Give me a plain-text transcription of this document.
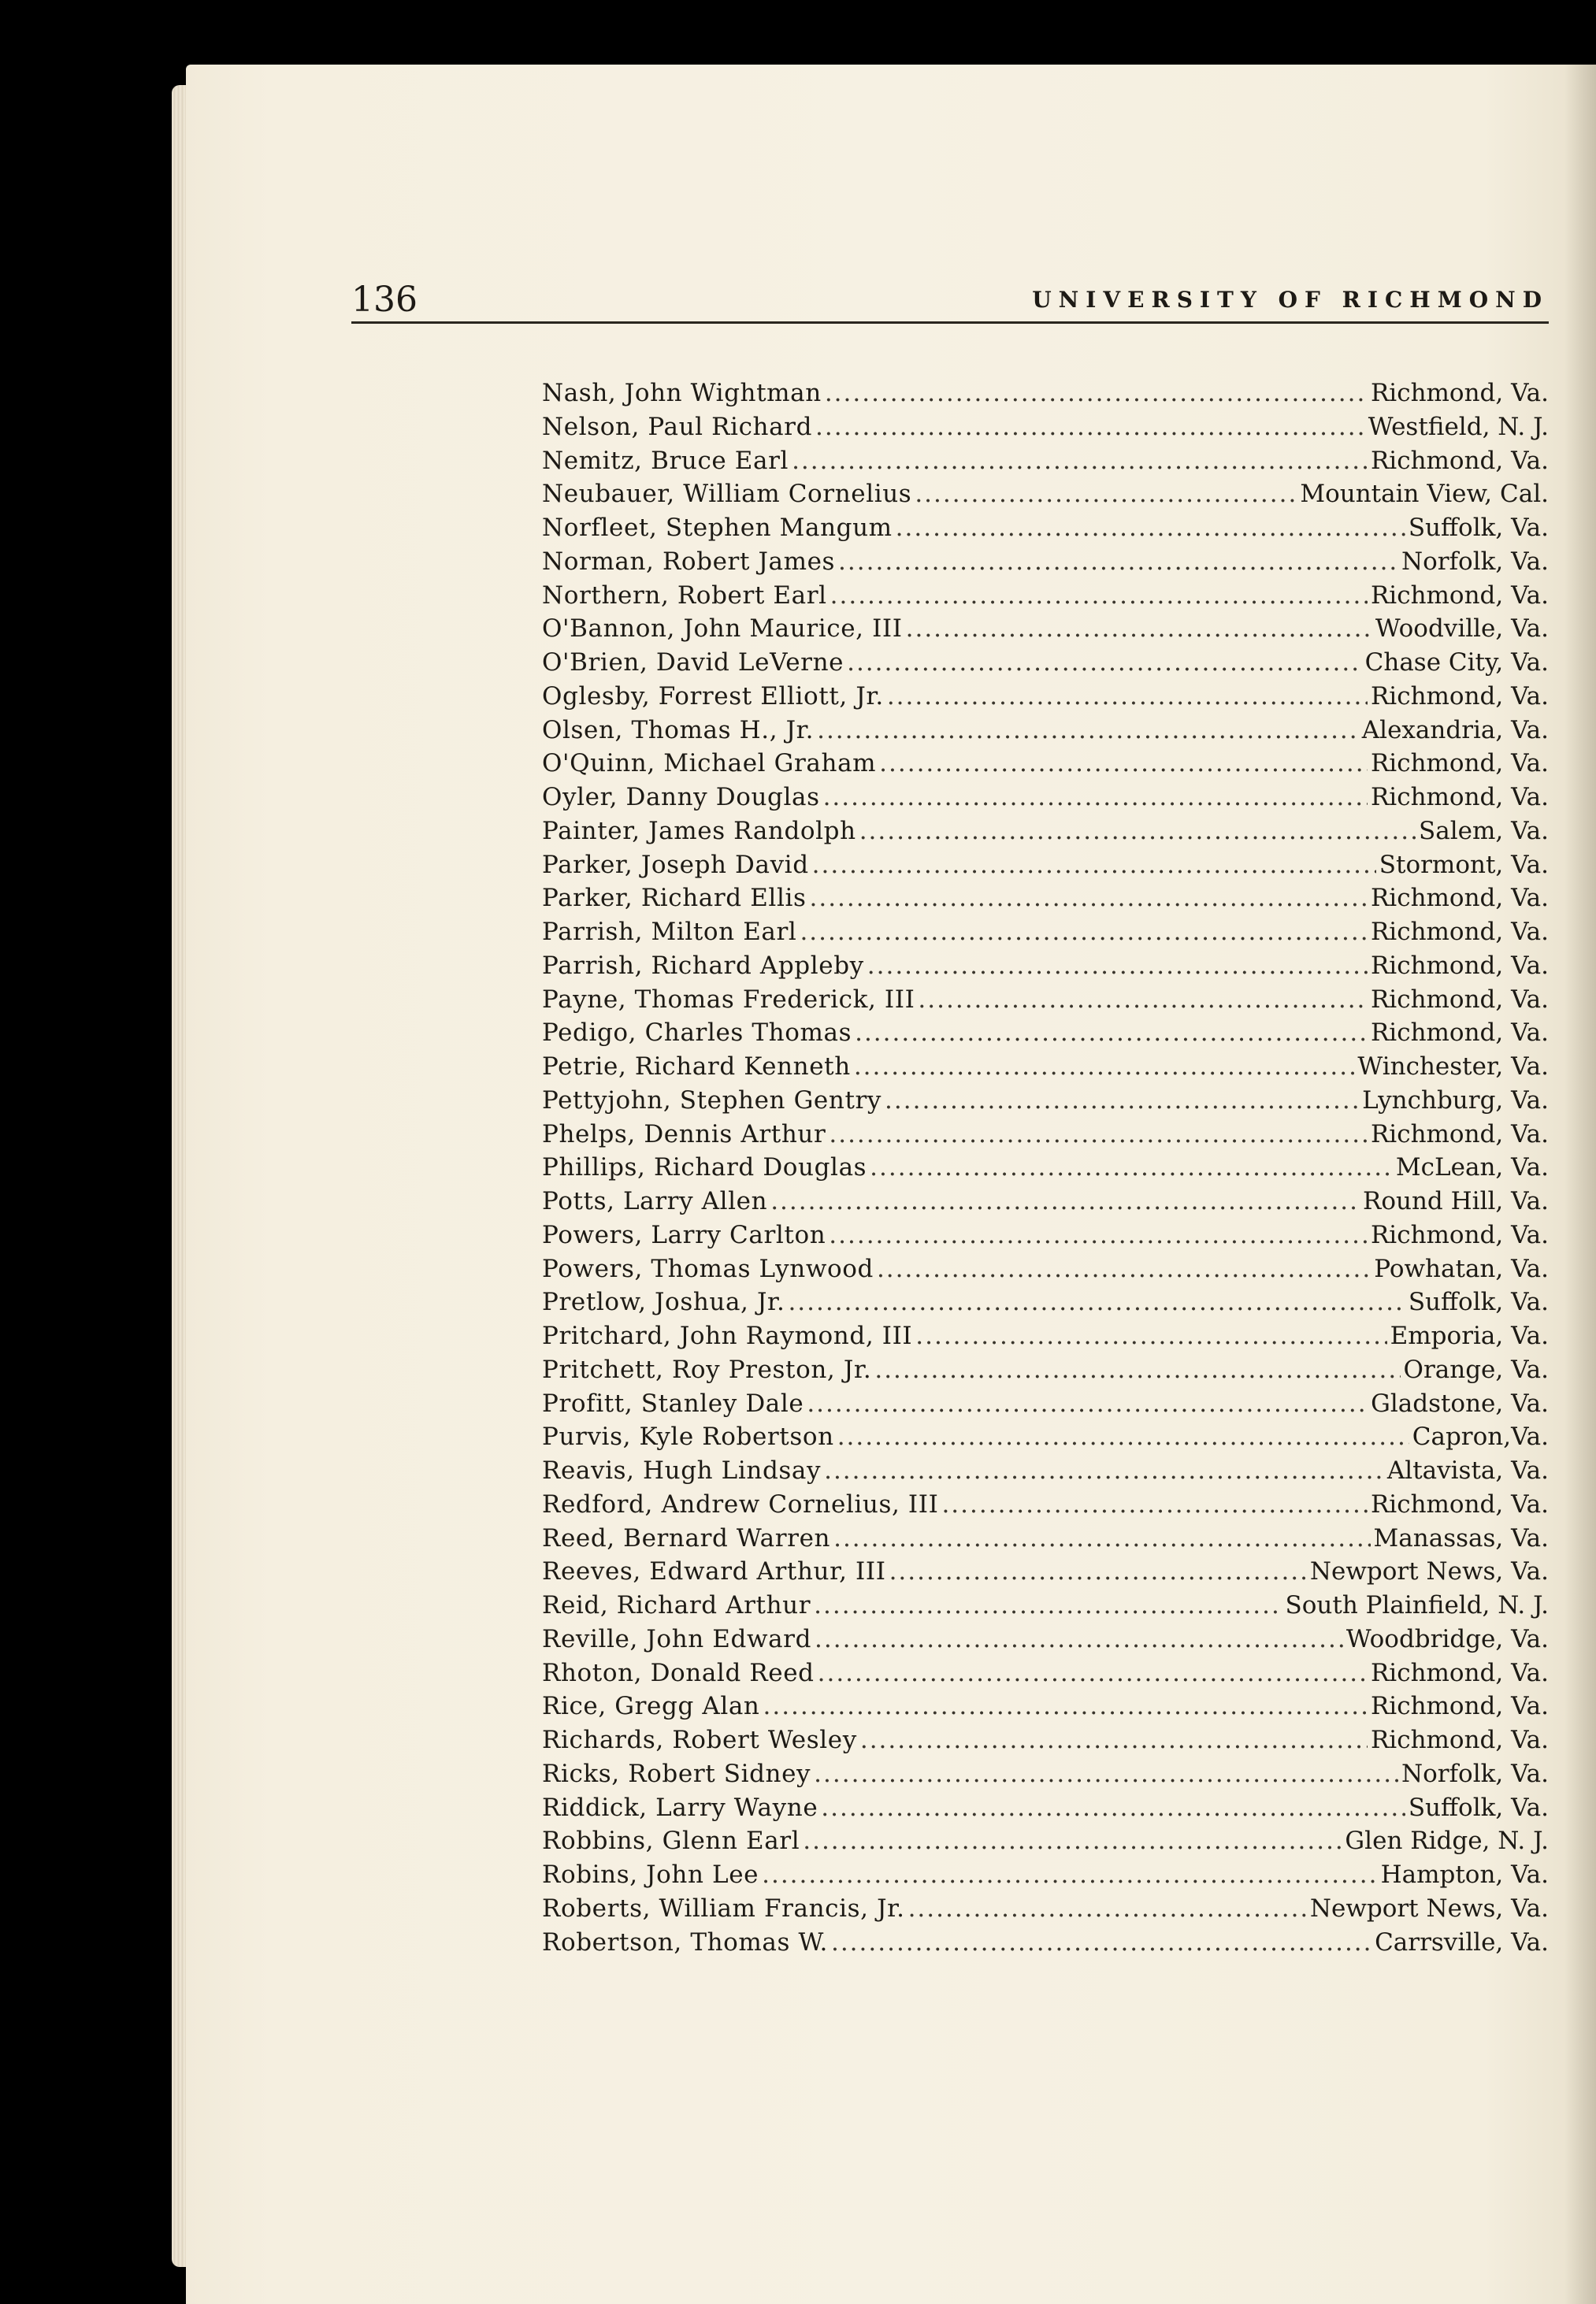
136	UNIVERSITY OF RICHMOND
Nash, John Wightman .....	Richmond, Va.
Nelson, Paul Richard .....	Westfield, N. J.
Nemitz, Bruce Earl .....	Richmond, Va.
Neubauer, William Cornelius .....	Mountain View, Cal.
Norfleet, Stephen Mangum .....	Suffolk, Va.
Norman, Robert James .....	Norfolk, Va.
Northern, Robert Earl .....	Richmond, Va.
O'Bannon, John Maurice, III .....	Woodville, Va.
O'Brien, David LeVerne .....	Chase City, Va.
Oglesby, Forrest Elliott, Jr. .....	Richmond, Va.
Olsen, Thomas H., Jr. .....	Alexandria, Va.
O'Quinn, Michael Graham .....	Richmond, Va.
Oyler, Danny Douglas .....	Richmond, Va.
Painter, James Randolph .....	Salem, Va.
Parker, Joseph David .....	Stormont, Va.
Parker, Richard Ellis .....	Richmond, Va.
Parrish, Milton Earl .....	Richmond, Va.
Parrish, Richard Appleby .....	Richmond, Va.
Payne, Thomas Frederick, III .....	Richmond, Va.
Pedigo, Charles Thomas .....	Richmond, Va.
Petrie, Richard Kenneth .....	Winchester, Va.
Pettyjohn, Stephen Gentry .....	Lynchburg, Va.
Phelps, Dennis Arthur .....	Richmond, Va.
Phillips, Richard Douglas .....	McLean, Va.
Potts, Larry Allen .....	Round Hill, Va.
Powers, Larry Carlton .....	Richmond, Va.
Powers, Thomas Lynwood .....	Powhatan, Va.
Pretlow, Joshua, Jr. .....	Suffolk, Va.
Pritchard, John Raymond, III .....	Emporia, Va.
Pritchett, Roy Preston, Jr. .....	Orange, Va.
Profitt, Stanley Dale .....	Gladstone, Va.
Purvis, Kyle Robertson .....	Capron,Va.
Reavis, Hugh Lindsay .....	Altavista, Va.
Redford, Andrew Cornelius, III .....	Richmond, Va.
Reed, Bernard Warren .....	Manassas, Va.
Reeves, Edward Arthur, III .....	Newport News, Va.
Reid, Richard Arthur .....	South Plainfield, N. J.
Reville, John Edward .....	Woodbridge, Va.
Rhoton, Donald Reed .....	Richmond, Va.
Rice, Gregg Alan .....	Richmond, Va.
Richards, Robert Wesley .....	Richmond, Va.
Ricks, Robert Sidney .....	Norfolk, Va.
Riddick, Larry Wayne .....	Suffolk, Va.
Robbins, Glenn Earl .....	Glen Ridge, N. J.
Robins, John Lee .....	Hampton, Va.
Roberts, William Francis, Jr. .....	Newport News, Va.
Robertson, Thomas W. .....	Carrsville, Va.
